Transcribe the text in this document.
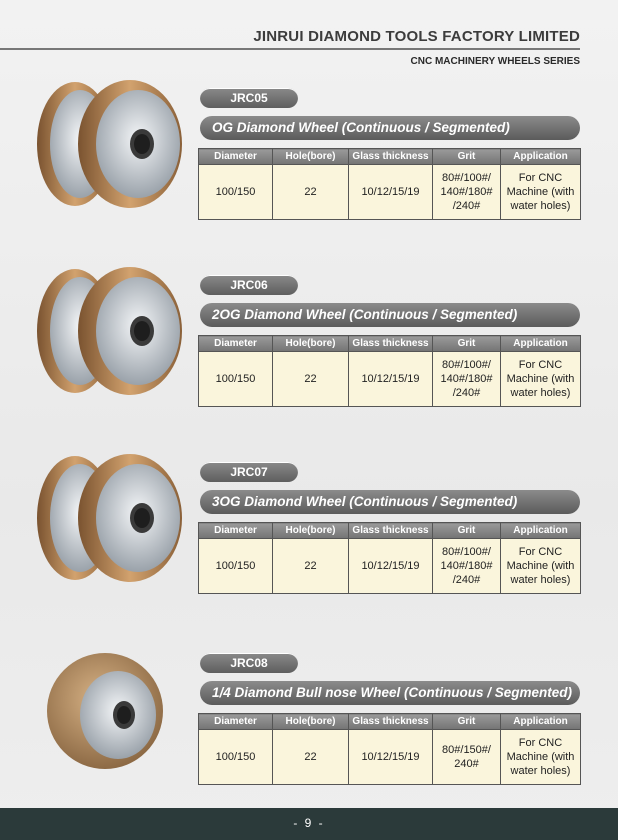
JINRUI DIAMOND TOOLS FACTORY LIMITED
CNC MACHINERY WHEELS SERIES
JRC05
OG Diamond Wheel (Continuous / Segmented)
Diameter	Hole(bore)	Glass thickness	Grit	Application
100/150	22	10/12/15/19	80#/100#/ 140#/180# /240#	For CNC Machine (with water holes)
JRC06
2OG Diamond Wheel (Continuous / Segmented)
Diameter	Hole(bore)	Glass thickness	Grit	Application
100/150	22	10/12/15/19	80#/100#/ 140#/180# /240#	For CNC Machine (with water holes)
JRC07
3OG Diamond Wheel (Continuous / Segmented)
Diameter	Hole(bore)	Glass thickness	Grit	Application
100/150	22	10/12/15/19	80#/100#/ 140#/180# /240#	For CNC Machine (with water holes)
JRC08
1/4 Diamond Bull nose Wheel (Continuous / Segmented)
Diameter	Hole(bore)	Glass thickness	Grit	Application
100/150	22	10/12/15/19	80#/150#/ 240#	For CNC Machine (with water holes)
- 9 -
